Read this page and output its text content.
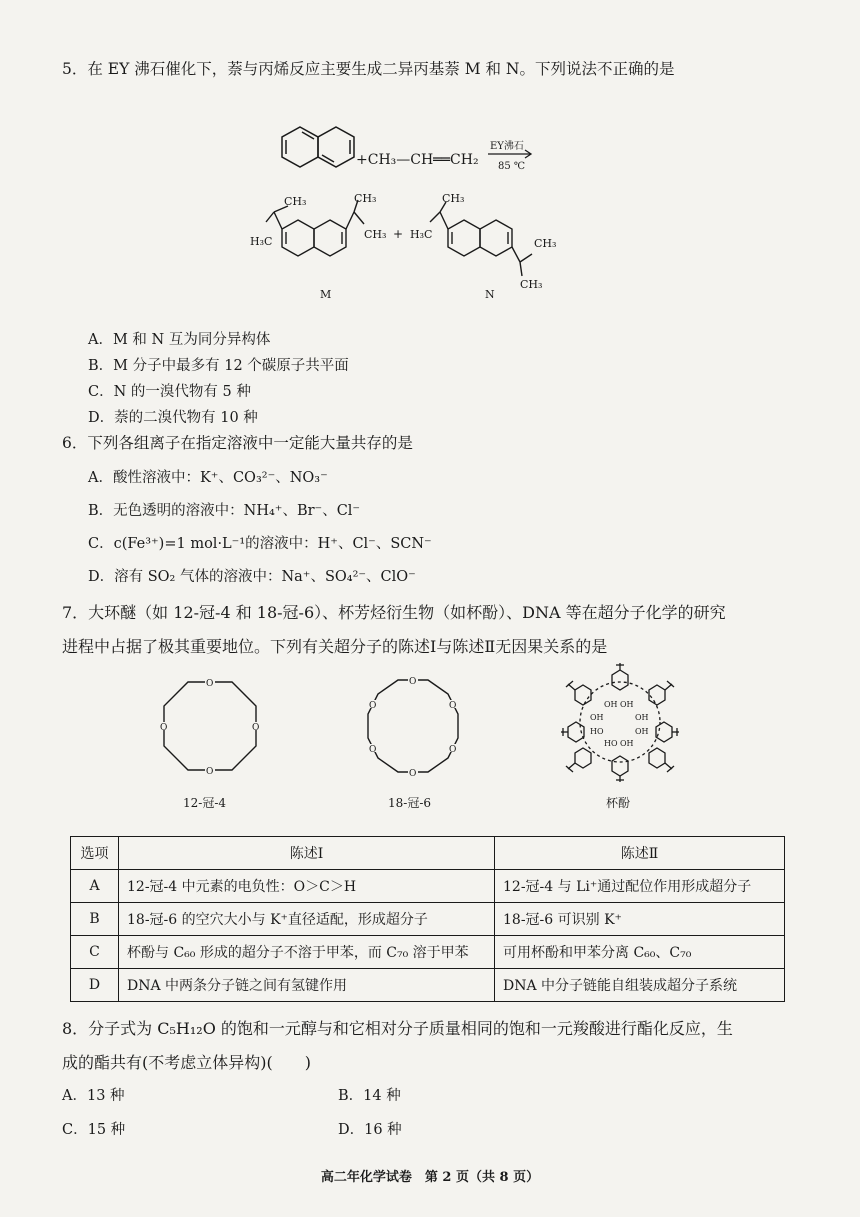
5．在 EY 沸石催化下，萘与丙烯反应主要生成二异丙基萘 M 和 N。下列说法不正确的是
+CH₃—CH══CH₂
EY沸石
85 ℃
CH₃
H₃C
CH₃
CH₃ +
M
CH₃
H₃C
CH₃
CH₃
N
A．M 和 N 互为同分异构体
B．M 分子中最多有 12 个碳原子共平面
C．N 的一溴代物有 5 种
D．萘的二溴代物有 10 种
6．下列各组离子在指定溶液中一定能大量共存的是
A．酸性溶液中：K⁺、CO₃²⁻、NO₃⁻
B．无色透明的溶液中：NH₄⁺、Br⁻、Cl⁻
C．c(Fe³⁺)=1 mol·L⁻¹的溶液中：H⁺、Cl⁻、SCN⁻
D．溶有 SO₂ 气体的溶液中：Na⁺、SO₄²⁻、ClO⁻
7．大环醚（如 12-冠-4 和 18-冠-6）、杯芳烃衍生物（如杯酚）、DNA 等在超分子化学的研究
进程中占据了极其重要地位。下列有关超分子的陈述Ⅰ与陈述Ⅱ无因果关系的是
O
O
O
O
12-冠-4
O
O
O
O
O
O
18-冠-6
OH OH
OH
OH
HO OH
OH
HO
杯酚
选项	陈述Ⅰ	陈述Ⅱ
A	12-冠-4 中元素的电负性：O＞C＞H	12-冠-4 与 Li⁺通过配位作用形成超分子
B	18-冠-6 的空穴大小与 K⁺直径适配，形成超分子	18-冠-6 可识别 K⁺
C	杯酚与 C₆₀ 形成的超分子不溶于甲苯，而 C₇₀ 溶于甲苯	可用杯酚和甲苯分离 C₆₀、C₇₀
D	DNA 中两条分子链之间有氢键作用	DNA 中分子链能自组装成超分子系统
8．分子式为 C₅H₁₂O 的饱和一元醇与和它相对分子质量相同的饱和一元羧酸进行酯化反应，生
成的酯共有(不考虑立体异构)(　　)
A．13 种	B．14 种
C．15 种	D．16 种
高二年化学试卷　第 2 页（共 8 页）
